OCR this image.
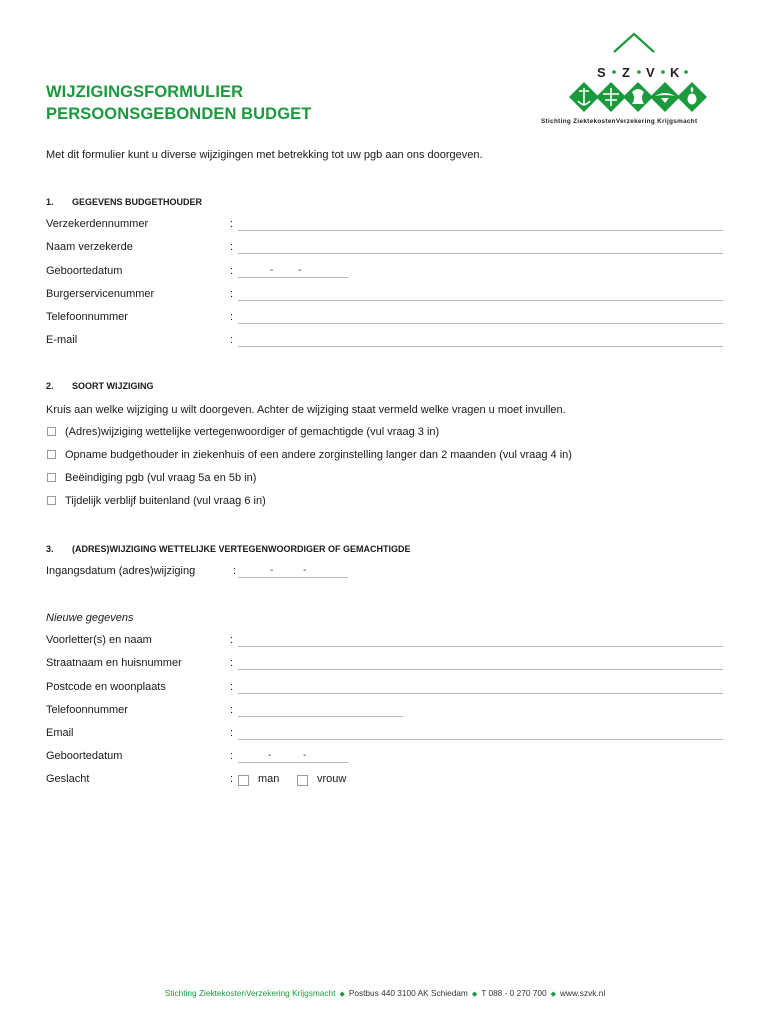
WIJZIGINGSFORMULIER
PERSOONSGEBONDEN BUDGET
S Z V K
Stichting ZiektekostenVerzekering Krijgsmacht
Met dit formulier kunt u diverse wijzigingen met betrekking tot uw pgb aan ons doorgeven.
1. GEGEVENS BUDGETHOUDER
Verzekerdennummer	:
Naam verzekerde	:
Geboortedatum	:	- -
Burgerservicenummer	:
Telefoonnummer	:
E-mail	:
2. SOORT WIJZIGING
Kruis aan welke wijziging u wilt doorgeven. Achter de wijziging staat vermeld welke vragen u moet invullen.
(Adres)wijziging wettelijke vertegenwoordiger of gemachtigde (vul vraag 3 in)
Opname budgethouder in ziekenhuis of een andere zorginstelling langer dan 2 maanden (vul vraag 4 in)
Beëindiging pgb (vul vraag 5a en 5b in)
Tijdelijk verblijf buitenland (vul vraag 6 in)
3. (ADRES)WIJZIGING WETTELIJKE VERTEGENWOORDIGER OF GEMACHTIGDE
Ingangsdatum (adres)wijziging	:	-	-
Nieuwe gegevens
Voorletter(s) en naam	:
Straatnaam en huisnummer	:
Postcode en woonplaats	:
Telefoonnummer	:
Email	:
Geboortedatum	:	-	-
Geslacht	: man	vrouw
Stichting ZiektekostenVerzekering Krijgsmacht ◆ Postbus 440 3100 AK Schiedam ◆ T 088 - 0 270 700 ◆ www.szvk.nl
